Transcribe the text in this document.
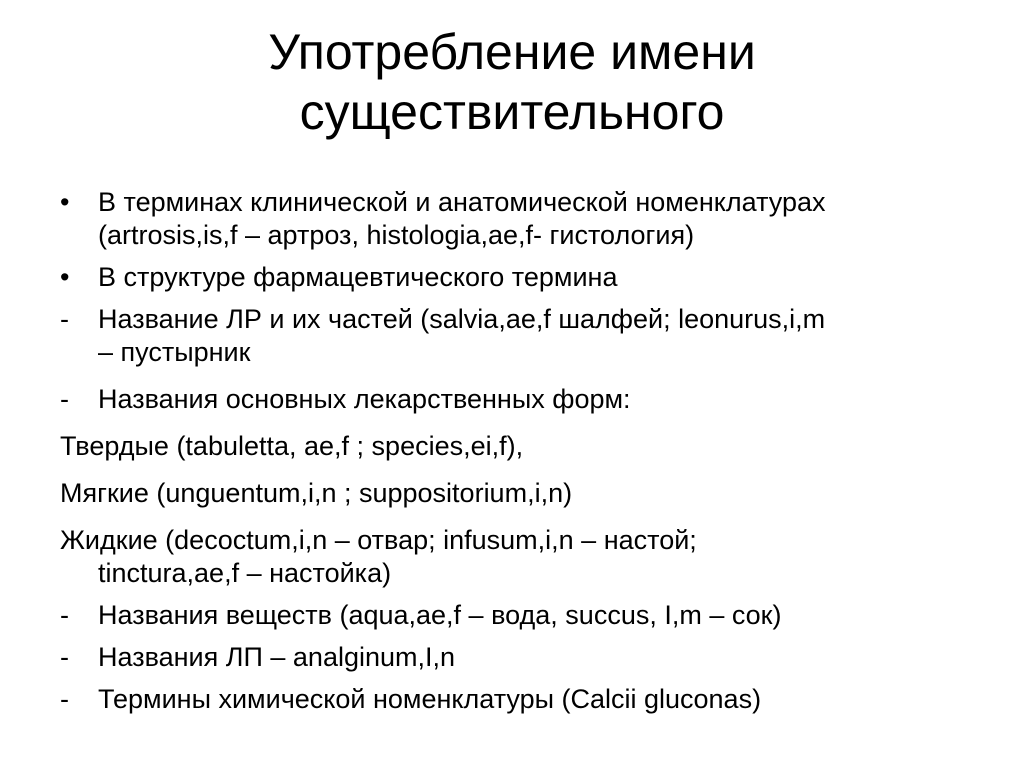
Употребление имени
существительного
• В терминах клинической и анатомической номенклатурах
(artrosis,is,f – артроз, histologia,ae,f- гистология)
• В структуре фармацевтического термина
- Название ЛР и их частей (salvia,ae,f шалфей; leonurus,i,m
– пустырник
- Названия основных лекарственных форм:
Твердые (tabuletta, ae,f ; species,ei,f),
Мягкие (unguentum,i,n ; suppositorium,i,n)
Жидкие (decoctum,i,n – отвар; infusum,i,n – настой;
tinctura,ae,f – настойка)
- Названия веществ (aqua,ae,f – вода, succus, I,m – сок)
- Названия ЛП – analginum,I,n
- Термины химической номенклатуры (Calcii gluconas)
